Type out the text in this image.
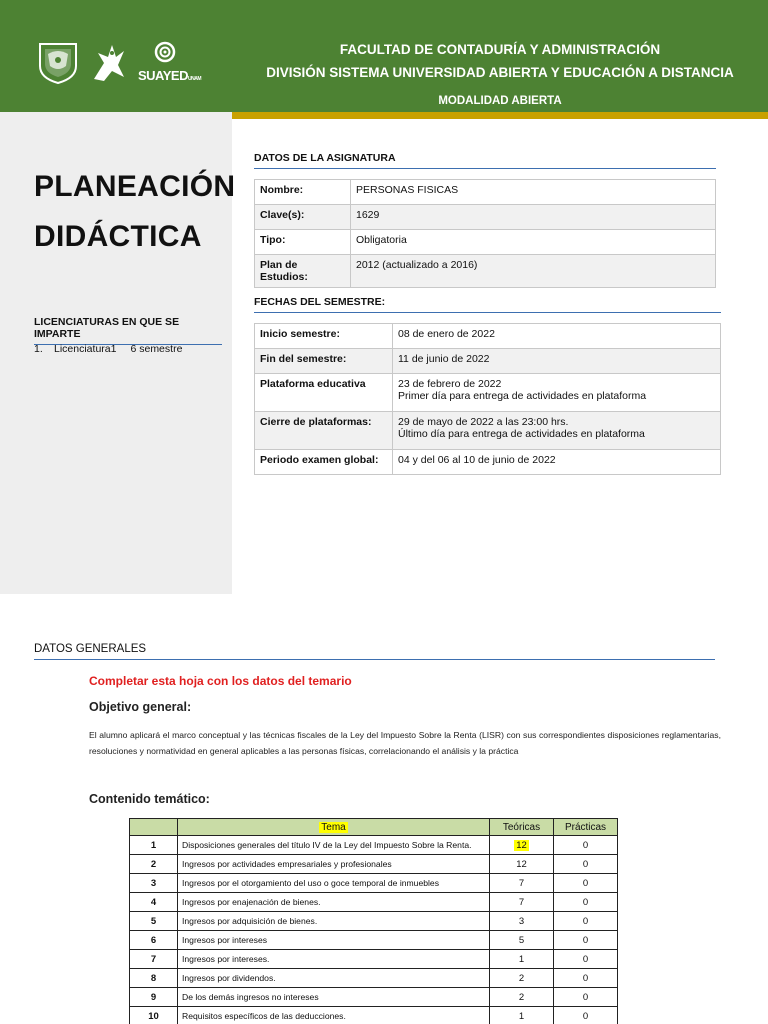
SUAYEDUNAM
FACULTAD DE CONTADURÍA Y ADMINISTRACIÓN
DIVISIÓN SISTEMA UNIVERSIDAD ABIERTA Y EDUCACIÓN A DISTANCIA
MODALIDAD ABIERTA
PLANEACIÓN
DIDÁCTICA
LICENCIATURAS EN QUE SE IMPARTE
1.	Licenciatura1 6 semestre
DATOS DE LA ASIGNATURA
Nombre:	PERSONAS FISICAS
Clave(s):	1629
Tipo:	Obligatoria
Plan de Estudios:	2012 (actualizado a 2016)
FECHAS DEL SEMESTRE:
Inicio semestre:	08 de enero de 2022

Fin del semestre:	11 de junio de 2022

Plataforma educativa	23 de febrero de 2022
Primer día para entrega de actividades en plataforma

Cierre de plataformas:	29 de mayo de 2022 a las 23:00 hrs.
Último día para entrega de actividades en plataforma

Periodo examen global:	04 y del 06 al 10 de junio de 2022
DATOS GENERALES
Completar esta hoja con los datos del temario
Objetivo general:
El alumno aplicará el marco conceptual y las técnicas fiscales de la Ley del Impuesto Sobre la Renta (LISR) con sus correspondientes disposiciones reglamentarias, resoluciones y normatividad en general aplicables a las personas físicas, correlacionando el análisis y la práctica
Contenido temático:
	Tema	Teóricas	Prácticas
1	Disposiciones generales del título IV de la Ley del Impuesto Sobre la Renta.	12	0
2	Ingresos por actividades empresariales y profesionales	12	0
3	Ingresos por el otorgamiento del uso o goce temporal de inmuebles	7	0
4	Ingresos por enajenación de bienes.	7	0
5	Ingresos por adquisición de bienes.	3	0
6	Ingresos por intereses	5	0
7	Ingresos por intereses.	1	0
8	Ingresos por dividendos.	2	0
9	De los demás ingresos no intereses	2	0
10	Requisitos específicos de las deducciones.	1	0
